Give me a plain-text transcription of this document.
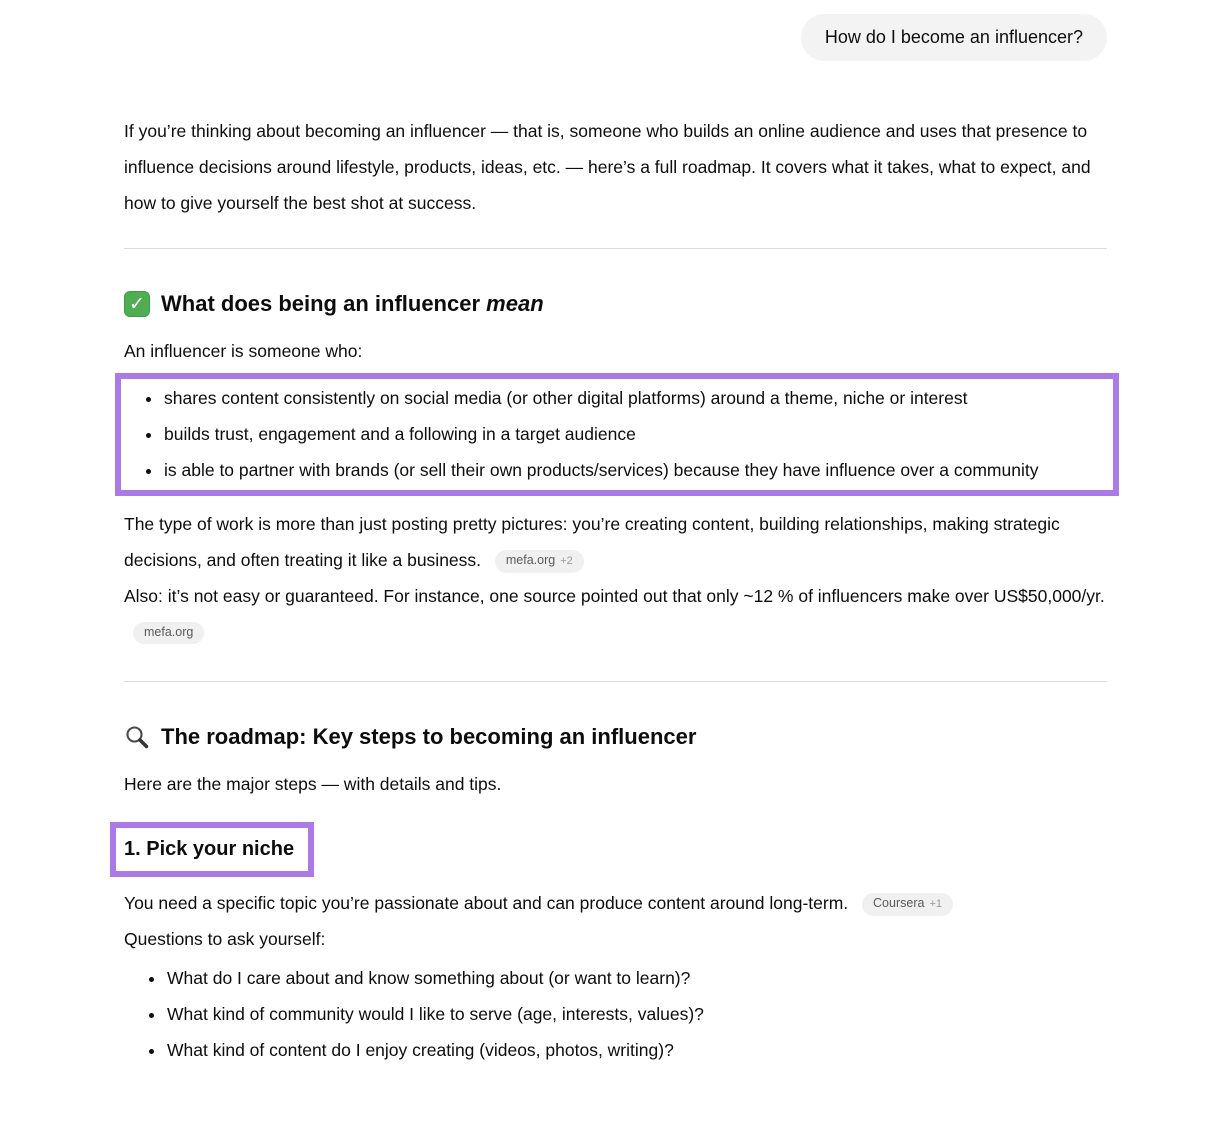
How do I become an influencer?

If you’re thinking about becoming an influencer — that is, someone who builds an online audience and uses that presence to influence decisions around lifestyle, products, ideas, etc. — here’s a full roadmap. It covers what it takes, what to expect, and how to give yourself the best shot at success.

✓
What does being an influencer mean

An influencer is someone who:

• shares content consistently on social media (or other digital platforms) around a theme, niche or interest
• builds trust, engagement and a following in a target audience
• is able to partner with brands (or sell their own products/services) because they have influence over a community

The type of work is more than just posting pretty pictures: you’re creating content, building relationships, making strategic decisions, and often treating it like a business. mefa.org +2

Also: it’s not easy or guaranteed. For instance, one source pointed out that only ~12 % of influencers make over US$50,000/yr.
mefa.org

The roadmap: Key steps to becoming an influencer

Here are the major steps — with details and tips.

1. Pick your niche

You need a specific topic you’re passionate about and can produce content around long-term. Coursera +1

Questions to ask yourself:

• What do I care about and know something about (or want to learn)?
• What kind of community would I like to serve (age, interests, values)?
• What kind of content do I enjoy creating (videos, photos, writing)?
